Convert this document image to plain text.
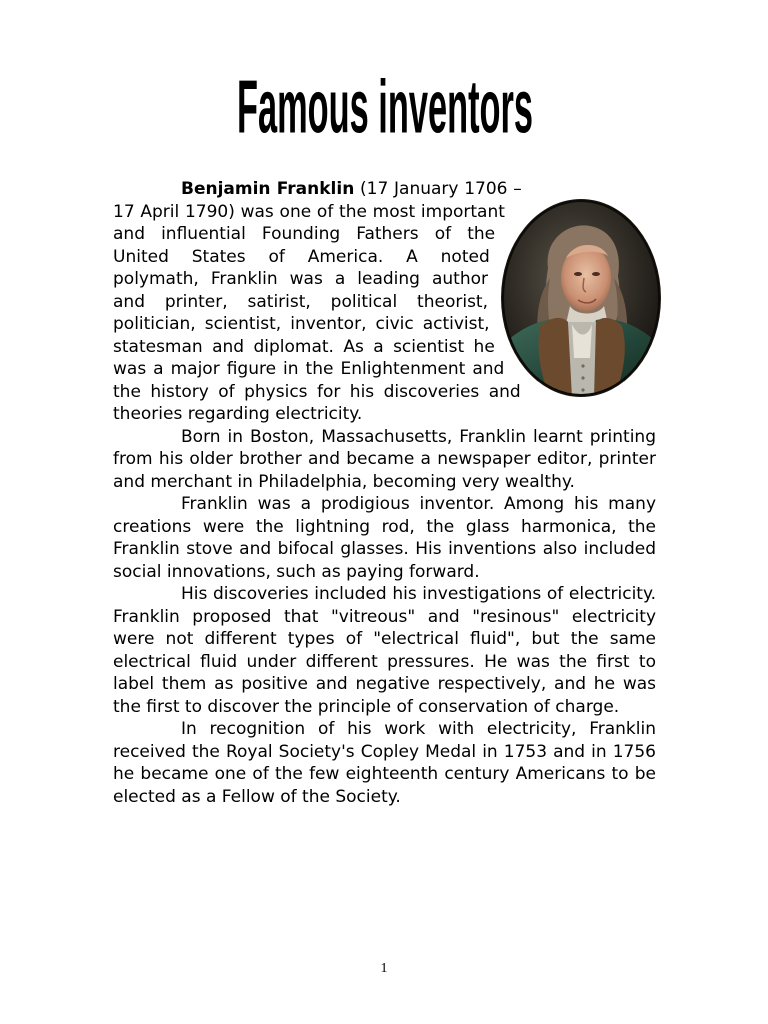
Famous inventors

Benjamin Franklin (17 January 1706 – 17 April 1790) was one of the most important and influential Founding Fathers of the United States of America. A noted polymath, Franklin was a leading author and printer, satirist, political theorist, politician, scientist, inventor, civic activist, statesman and diplomat. As a scientist he was a major figure in the Enlightenment and the history of physics for his discoveries and theories regarding electricity.

Born in Boston, Massachusetts, Franklin learnt printing from his older brother and became a newspaper editor, printer and merchant in Philadelphia, becoming very wealthy.

Franklin was a prodigious inventor. Among his many creations were the lightning rod, the glass harmonica, the Franklin stove and bifocal glasses. His inventions also included social innovations, such as paying forward.

His discoveries included his investigations of electricity. Franklin proposed that "vitreous" and "resinous" electricity were not different types of "electrical fluid", but the same electrical fluid under different pressures. He was the first to label them as positive and negative respectively, and he was the first to discover the principle of conservation of charge.

In recognition of his work with electricity, Franklin received the Royal Society's Copley Medal in 1753 and in 1756 he became one of the few eighteenth century Americans to be elected as a Fellow of the Society.

1
